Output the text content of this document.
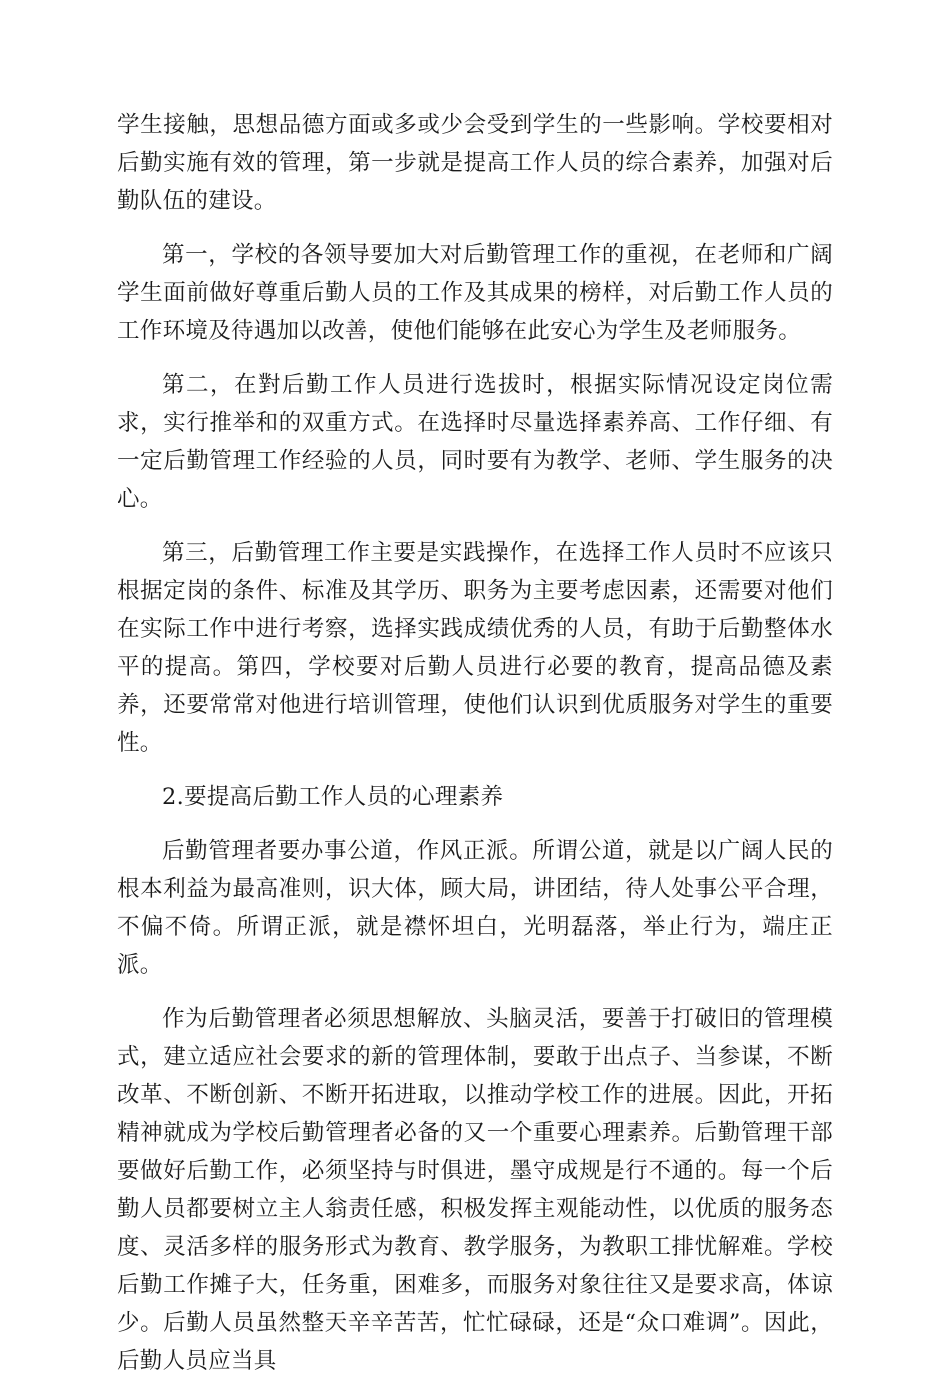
学生接触，思想品德方面或多或少会受到学生的一些影响。学校要相对后勤实施有效的管理，第一步就是提高工作人员的综合素养，加强对后勤队伍的建设。

第一，学校的各领导要加大对后勤管理工作的重视，在老师和广阔学生面前做好尊重后勤人员的工作及其成果的榜样，对后勤工作人员的工作环境及待遇加以改善，使他们能够在此安心为学生及老师服务。

第二，在對后勤工作人员进行选拔时，根据实际情况设定岗位需求，实行推举和的双重方式。在选择时尽量选择素养高、工作仔细、有一定后勤管理工作经验的人员，同时要有为教学、老师、学生服务的决心。

第三，后勤管理工作主要是实践操作，在选择工作人员时不应该只根据定岗的条件、标准及其学历、职务为主要考虑因素，还需要对他们在实际工作中进行考察，选择实践成绩优秀的人员，有助于后勤整体水平的提高。第四，学校要对后勤人员进行必要的教育，提高品德及素养，还要常常对他进行培训管理，使他们认识到优质服务对学生的重要性。

2.要提高后勤工作人员的心理素养

后勤管理者要办事公道，作风正派。所谓公道，就是以广阔人民的根本利益为最高准则，识大体，顾大局，讲团结，待人处事公平合理，不偏不倚。所谓正派，就是襟怀坦白，光明磊落，举止行为，端庄正派。

作为后勤管理者必须思想解放、头脑灵活，要善于打破旧的管理模式，建立适应社会要求的新的管理体制，要敢于出点子、当参谋，不断改革、不断创新、不断开拓进取，以推动学校工作的进展。因此，开拓精神就成为学校后勤管理者必备的又一个重要心理素养。后勤管理干部要做好后勤工作，必须坚持与时俱进，墨守成规是行不通的。每一个后勤人员都要树立主人翁责任感，积极发挥主观能动性，以优质的服务态度、灵活多样的服务形式为教育、教学服务，为教职工排忧解难。学校后勤工作摊子大，任务重，困难多，而服务对象往往又是要求高，体谅少。后勤人员虽然整天辛辛苦苦，忙忙碌碌，还是“众口难调”。因此，后勤人员应当具
